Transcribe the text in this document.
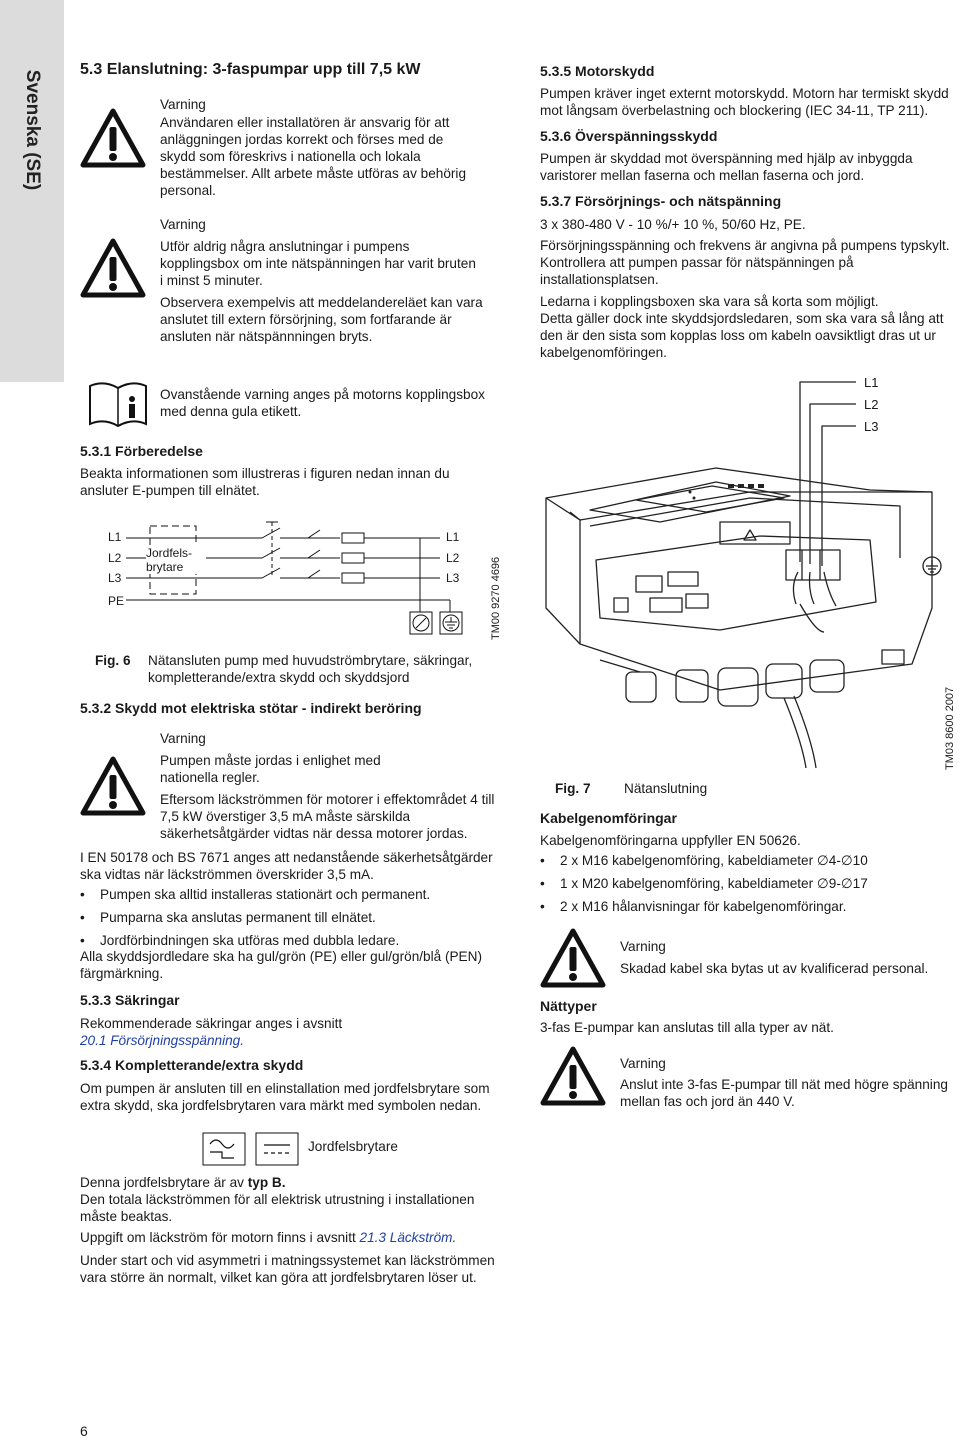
Svenska (SE)

5.3 Elanslutning: 3-faspumpar upp till 7,5 kW

Varning

Användaren eller installatören är ansvarig för att anläggningen jordas korrekt och förses med de skydd som föreskrivs i nationella och lokala bestämmelser. Allt arbete måste utföras av behörig personal.

Varning

Utför aldrig några anslutningar i pumpens kopplingsbox om inte nätspänningen har varit bruten i minst 5 minuter.

Observera exempelvis att meddelandereläet kan vara anslutet till extern försörjning, som fortfarande är ansluten när nätspännningen bryts.

Ovanstående varning anges på motorns kopplingsbox med denna gula etikett.

5.3.1 Förberedelse

Beakta informationen som illustreras i figuren nedan innan du ansluter E-pumpen till elnätet.

L1
L2
L3
PE
Jordfels-
brytare
L1
L2
L3	TM00 9270 4696

Fig. 6 Nätansluten pump med huvudströmbrytare, säkringar, kompletterande/extra skydd och skyddsjord

5.3.2 Skydd mot elektriska stötar - indirekt beröring

Varning

Pumpen måste jordas i enlighet med nationella regler.

Eftersom läckströmmen för motorer i effektområdet 4 till 7,5 kW överstiger 3,5 mA måste särskilda säkerhetsåtgärder vidtas när dessa motorer jordas.

I EN 50178 och BS 7671 anges att nedanstående säkerhetsåtgärder ska vidtas när läckströmmen överskrider 3,5 mA.

• Pumpen ska alltid installeras stationärt och permanent.
• Pumparna ska anslutas permanent till elnätet.
• Jordförbindningen ska utföras med dubbla ledare.

Alla skyddsjordledare ska ha gul/grön (PE) eller gul/grön/blå (PEN) färgmärkning.

5.3.3 Säkringar

Rekommenderade säkringar anges i avsnitt

20.1 Försörjningsspänning.

5.3.4 Kompletterande/extra skydd

Om pumpen är ansluten till en elinstallation med jordfelsbrytare som extra skydd, ska jordfelsbrytaren vara märkt med symbolen nedan.

Jordfelsbrytare

Denna jordfelsbrytare är av typ B.

Den totala läckströmmen för all elektrisk utrustning i installationen måste beaktas.

Uppgift om läckström för motorn finns i avsnitt 21.3 Läckström.

Under start och vid asymmetri i matningssystemet kan läckströmmen vara större än normalt, vilket kan göra att jordfelsbrytaren löser ut.

6

5.3.5 Motorskydd

Pumpen kräver inget externt motorskydd. Motorn har termiskt skydd mot långsam överbelastning och blockering (IEC 34-11, TP 211).

5.3.6 Överspänningsskydd

Pumpen är skyddad mot överspänning med hjälp av inbyggda varistorer mellan faserna och mellan faserna och jord.

5.3.7 Försörjnings- och nätspänning

3 x 380-480 V - 10 %/+ 10 %, 50/60 Hz, PE.

Försörjningsspänning och frekvens är angivna på pumpens typskylt. Kontrollera att pumpen passar för nätspänningen på installationsplatsen.

Ledarna i kopplingsboxen ska vara så korta som möjligt.

Detta gäller dock inte skyddsjordsledaren, som ska vara så lång att den är den sista som kopplas loss om kabeln oavsiktligt dras ut ur kabelgenomföringen.

L1
L2
L3
TM03 8600 2007

Fig. 7 Nätanslutning

Kabelgenomföringar

Kabelgenomföringarna uppfyller EN 50626.

• 2 x M16 kabelgenomföring, kabeldiameter ∅4-∅10
• 1 x M20 kabelgenomföring, kabeldiameter ∅9-∅17
• 2 x M16 hålanvisningar för kabelgenomföringar.

Varning

Skadad kabel ska bytas ut av kvalificerad personal.

Nättyper

3-fas E-pumpar kan anslutas till alla typer av nät.

Varning

Anslut inte 3-fas E-pumpar till nät med högre spänning mellan fas och jord än 440 V.
